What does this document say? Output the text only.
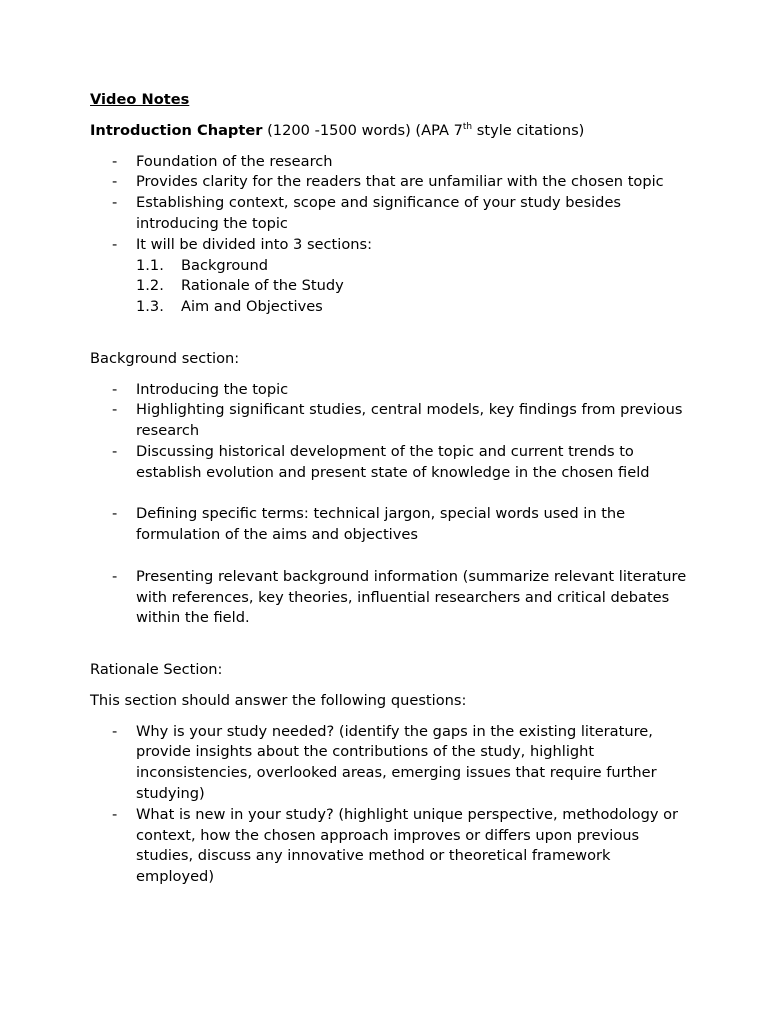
Video Notes
Introduction Chapter (1200 -1500 words) (APA 7th style citations)
- Foundation of the research
- Provides clarity for the readers that are unfamiliar with the chosen topic
- Establishing context, scope and significance of your study besides introducing the topic
- It will be divided into 3 sections:
1.1. Background
1.2. Rationale of the Study
1.3. Aim and Objectives
Background section:
- Introducing the topic
- Highlighting significant studies, central models, key findings from previous research
- Discussing historical development of the topic and current trends to establish evolution and present state of knowledge in the chosen field
- Defining specific terms: technical jargon, special words used in the formulation of the aims and objectives
- Presenting relevant background information (summarize relevant literature with references, key theories, influential researchers and critical debates within the field.
Rationale Section:
This section should answer the following questions:
- Why is your study needed? (identify the gaps in the existing literature, provide insights about the contributions of the study, highlight inconsistencies, overlooked areas, emerging issues that require further studying)
- What is new in your study? (highlight unique perspective, methodology or context, how the chosen approach improves or differs upon previous studies, discuss any innovative method or theoretical framework employed)
